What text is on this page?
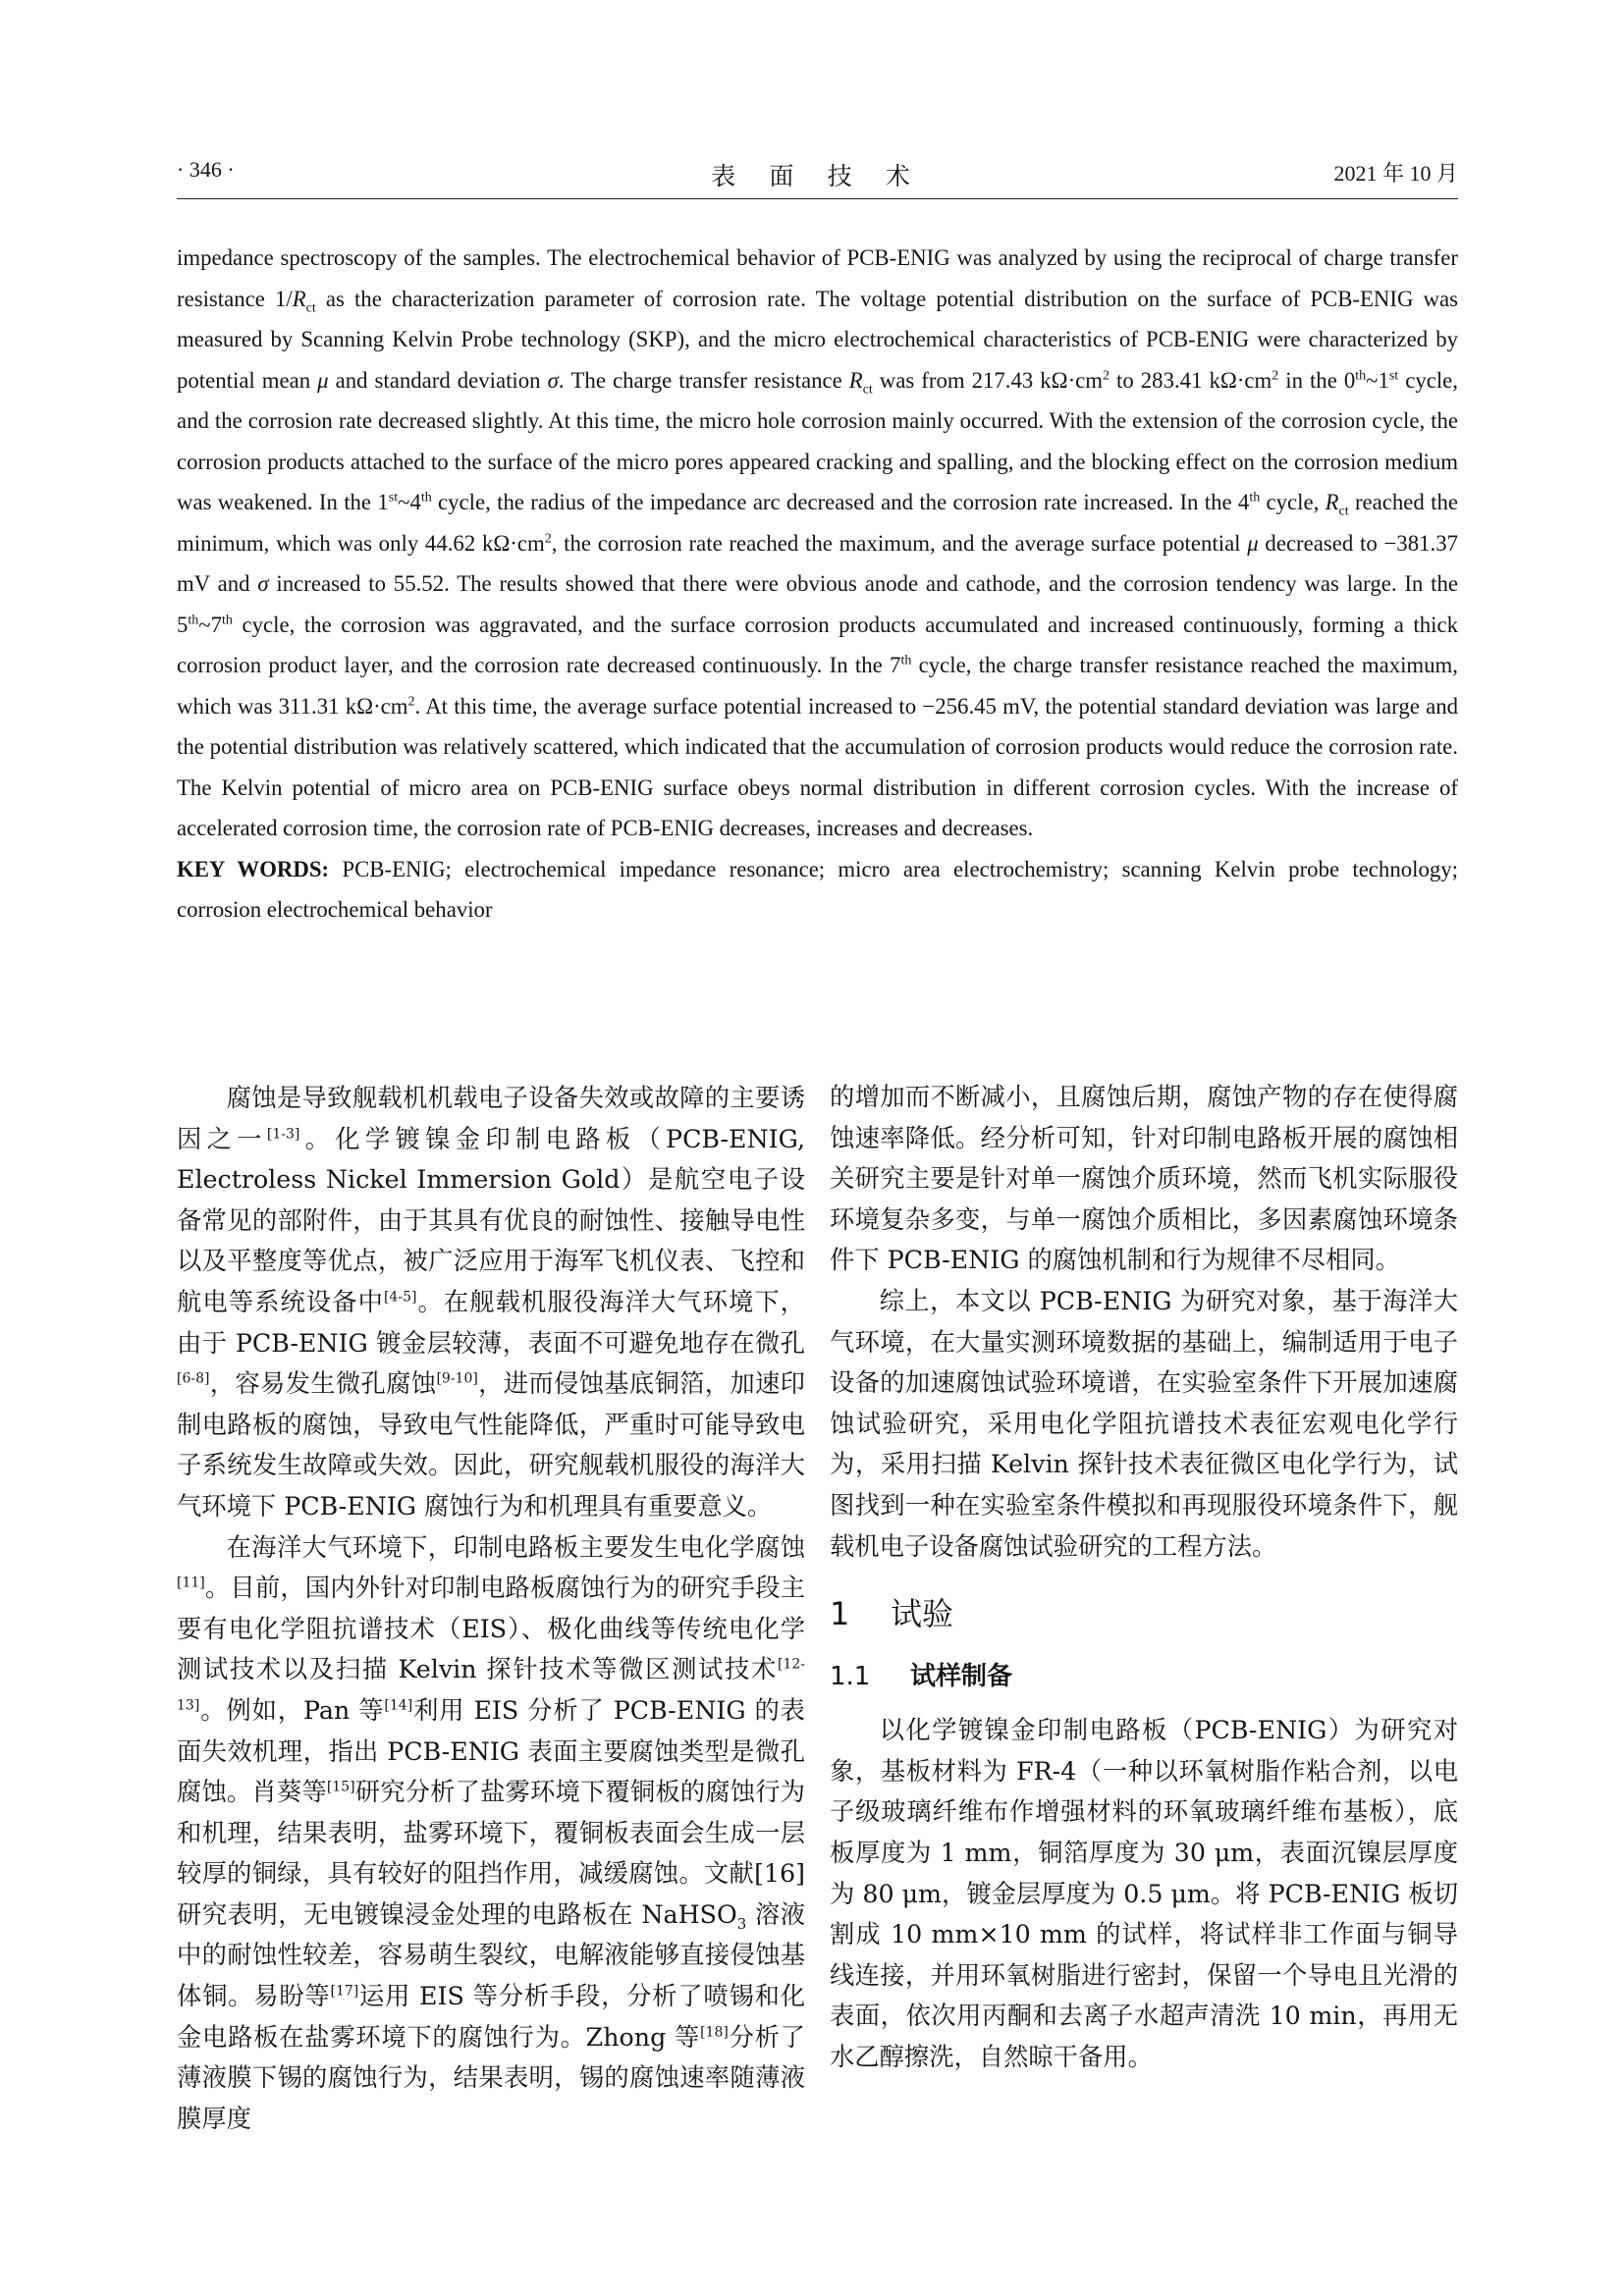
· 346 ·	表 面 技 术	2021 年 10 月

impedance spectroscopy of the samples. The electrochemical behavior of PCB-ENIG was analyzed by using the reciprocal of charge transfer resistance $1/R_{ct}$ as the characterization parameter of corrosion rate. The voltage potential distribution on the surface of PCB-ENIG was measured by Scanning Kelvin Probe technology (SKP), and the micro electrochemical characteristics of PCB-ENIG were characterized by potential mean μ and standard deviation σ. The charge transfer resistance $R_{ct}$ was from 217.43 $k\Omega\cdot cm^2$ to 283.41 $k\Omega\cdot cm^2$ in the 0th~1st cycle, and the corrosion rate decreased slightly. At this time, the micro hole corrosion mainly occurred. With the extension of the corrosion cycle, the corrosion products attached to the surface of the micro pores appeared cracking and spalling, and the blocking effect on the corrosion medium was weakened. In the 1st~4th cycle, the radius of the impedance arc decreased and the corrosion rate increased. In the 4th cycle, $R_{ct}$ reached the minimum, which was only 44.62 $k\Omega\cdot cm^2$, the corrosion rate reached the maximum, and the average surface potential μ decreased to −381.37 mV and σ increased to 55.52. The results showed that there were obvious anode and cathode, and the corrosion tendency was large. In the 5th~7th cycle, the corrosion was aggravated, and the surface corrosion products accumulated and increased continuously, forming a thick corrosion product layer, and the corrosion rate decreased continuously. In the 7th cycle, the charge transfer resistance reached the maximum, which was 311.31 $k\Omega\cdot cm^2$. At this time, the average surface potential increased to −256.45 mV, the potential standard deviation was large and the potential distribution was relatively scattered, which indicated that the accumulation of corrosion products would reduce the corrosion rate. The Kelvin potential of micro area on PCB-ENIG surface obeys normal distribution in different corrosion cycles. With the increase of accelerated corrosion time, the corrosion rate of PCB-ENIG decreases, increases and decreases.
KEY WORDS: PCB-ENIG; electrochemical impedance resonance; micro area electrochemistry; scanning Kelvin probe technology; corrosion electrochemical behavior

腐蚀是导致舰载机机载电子设备失效或故障的主要诱因之一[1-3]。化学镀镍金印制电路板（PCB-ENIG, Electroless Nickel Immersion Gold）是航空电子设备常见的部附件，由于其具有优良的耐蚀性、接触导电性以及平整度等优点，被广泛应用于海军飞机仪表、飞控和航电等系统设备中[4-5]。在舰载机服役海洋大气环境下，由于 PCB-ENIG 镀金层较薄，表面不可避免地存在微孔[6-8]，容易发生微孔腐蚀[9-10]，进而侵蚀基底铜箔，加速印制电路板的腐蚀，导致电气性能降低，严重时可能导致电子系统发生故障或失效。因此，研究舰载机服役的海洋大气环境下 PCB-ENIG 腐蚀行为和机理具有重要意义。

在海洋大气环境下，印制电路板主要发生电化学腐蚀[11]。目前，国内外针对印制电路板腐蚀行为的研究手段主要有电化学阻抗谱技术（EIS）、极化曲线等传统电化学测试技术以及扫描 Kelvin 探针技术等微区测试技术[12-13]。例如，Pan 等[14]利用 EIS 分析了 PCB-ENIG 的表面失效机理，指出 PCB-ENIG 表面主要腐蚀类型是微孔腐蚀。肖葵等[15]研究分析了盐雾环境下覆铜板的腐蚀行为和机理，结果表明，盐雾环境下，覆铜板表面会生成一层较厚的铜绿，具有较好的阻挡作用，减缓腐蚀。文献[16]研究表明，无电镀镍浸金处理的电路板在 NaHSO$_3$ 溶液中的耐蚀性较差，容易萌生裂纹，电解液能够直接侵蚀基体铜。易盼等[17]运用 EIS 等分析手段，分析了喷锡和化金电路板在盐雾环境下的腐蚀行为。Zhong 等[18]分析了薄液膜下锡的腐蚀行为，结果表明，锡的腐蚀速率随薄液膜厚度

的增加而不断减小，且腐蚀后期，腐蚀产物的存在使得腐蚀速率降低。经分析可知，针对印制电路板开展的腐蚀相关研究主要是针对单一腐蚀介质环境，然而飞机实际服役环境复杂多变，与单一腐蚀介质相比，多因素腐蚀环境条件下 PCB-ENIG 的腐蚀机制和行为规律不尽相同。

综上，本文以 PCB-ENIG 为研究对象，基于海洋大气环境，在大量实测环境数据的基础上，编制适用于电子设备的加速腐蚀试验环境谱，在实验室条件下开展加速腐蚀试验研究，采用电化学阻抗谱技术表征宏观电化学行为，采用扫描 Kelvin 探针技术表征微区电化学行为，试图找到一种在实验室条件模拟和再现服役环境条件下，舰载机电子设备腐蚀试验研究的工程方法。

1 试验
1.1 试样制备

以化学镀镍金印制电路板（PCB-ENIG）为研究对象，基板材料为 FR-4（一种以环氧树脂作粘合剂，以电子级玻璃纤维布作增强材料的环氧玻璃纤维布基板），底板厚度为 1 mm，铜箔厚度为 30 μm，表面沉镍层厚度为 80 μm，镀金层厚度为 0.5 μm。将 PCB-ENIG 板切割成 10 mm×10 mm 的试样，将试样非工作面与铜导线连接，并用环氧树脂进行密封，保留一个导电且光滑的表面，依次用丙酮和去离子水超声清洗 10 min，再用无水乙醇擦洗，自然晾干备用。
